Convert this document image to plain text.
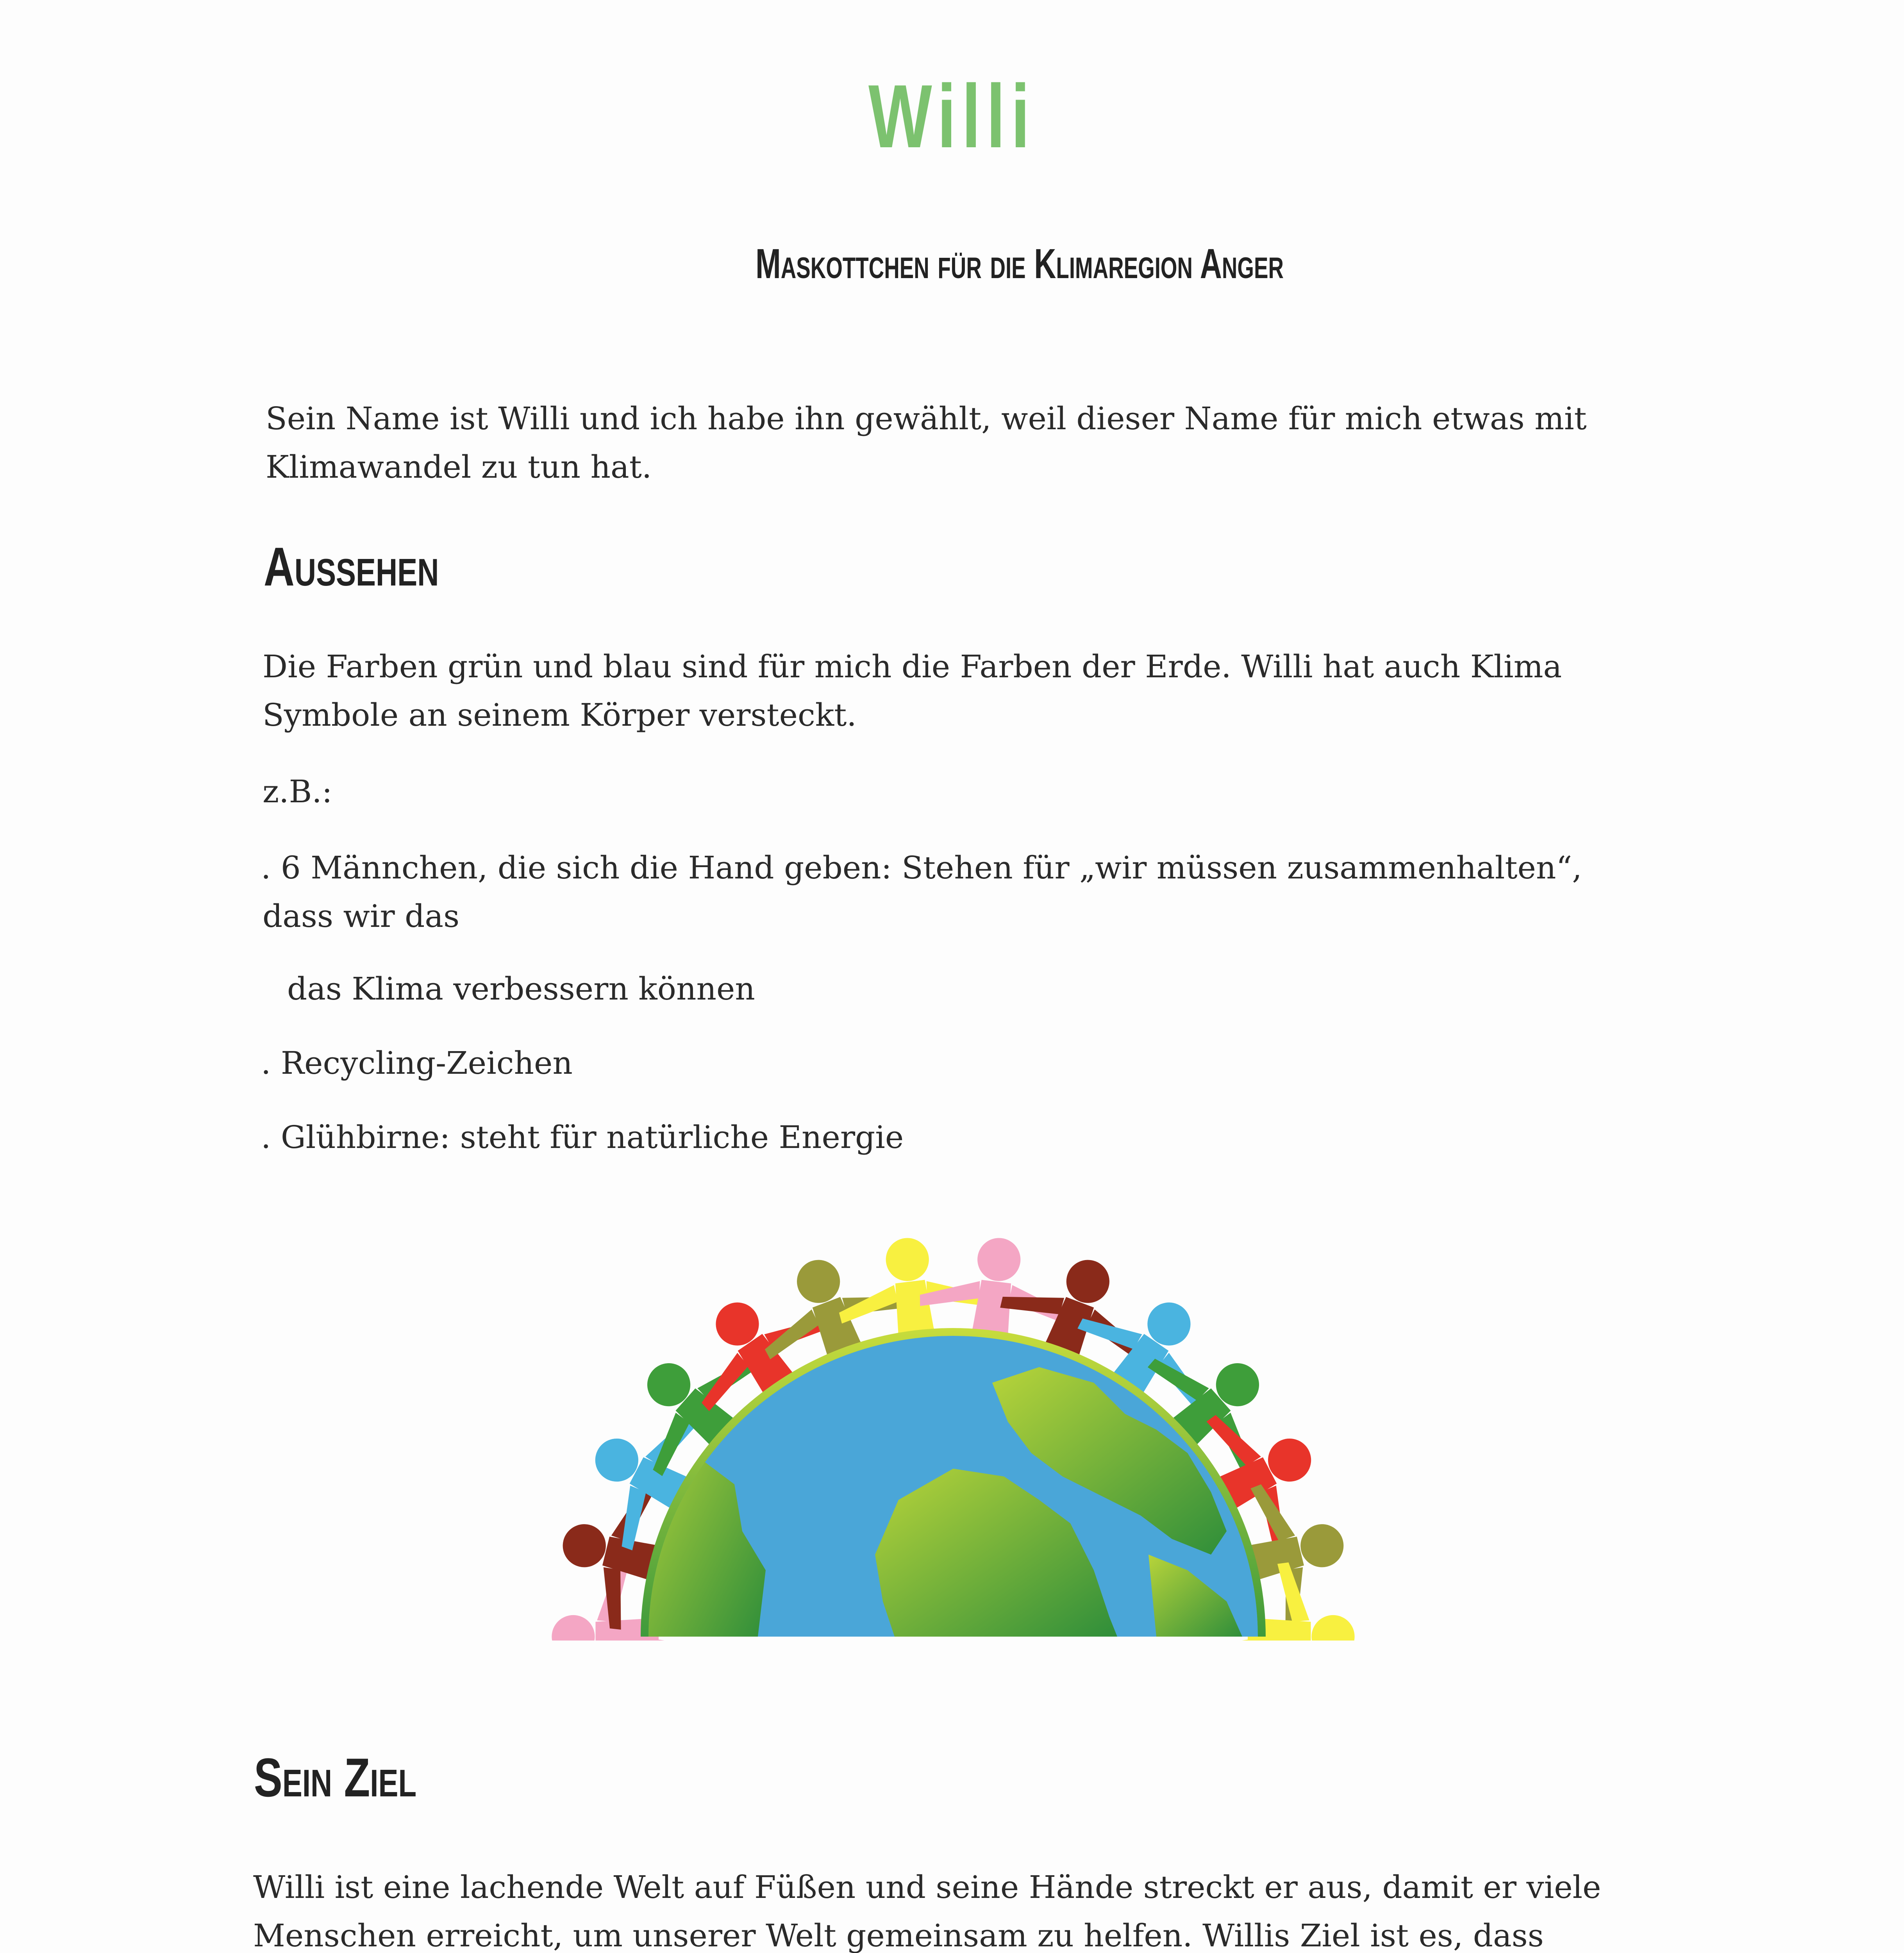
Willi
Maskottchen für die Klimaregion Anger
Sein Name ist Willi und ich habe ihn gewählt, weil dieser Name für mich etwas mit Klimawandel zu tun hat.
Aussehen
Die Farben grün und blau sind für mich die Farben der Erde. Willi hat auch Klima Symbole an seinem Körper versteckt.
z.B.:
. 6 Männchen, die sich die Hand geben: Stehen für „wir müssen zusammenhalten“,
dass wir das
das Klima verbessern können
. Recycling-Zeichen
. Glühbirne: steht für natürliche Energie
Sein Ziel
Willi ist eine lachende Welt auf Füßen und seine Hände streckt er aus, damit er viele
Menschen erreicht, um unserer Welt gemeinsam zu helfen. Willis Ziel ist es, dass
